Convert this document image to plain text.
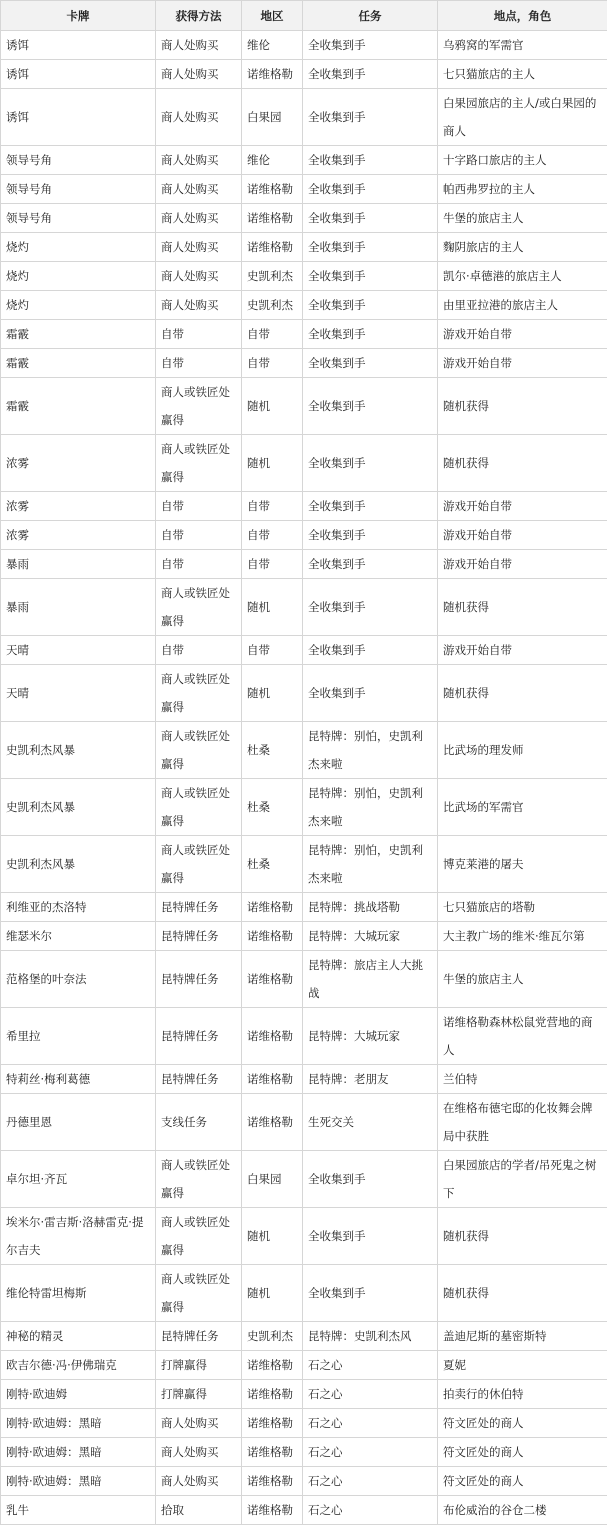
卡牌	获得方法	地区	任务	地点，角色
诱饵	商人处购买	维伦	全收集到手	乌鸦窝的军需官
诱饵	商人处购买	诺维格勒	全收集到手	七只猫旅店的主人
诱饵	商人处购买	白果园	全收集到手	白果园旅店的主人/或白果园的商人
领导号角	商人处购买	维伦	全收集到手	十字路口旅店的主人
领导号角	商人处购买	诺维格勒	全收集到手	帕西弗罗拉的主人
领导号角	商人处购买	诺维格勒	全收集到手	牛堡的旅店主人
烧灼	商人处购买	诺维格勒	全收集到手	麴阴旅店的主人
烧灼	商人处购买	史凯利杰	全收集到手	凯尔·卓德港的旅店主人
烧灼	商人处购买	史凯利杰	全收集到手	由里亚拉港的旅店主人
霜霰	自带	自带	全收集到手	游戏开始自带
霜霰	自带	自带	全收集到手	游戏开始自带
霜霰	商人或铁匠处赢得	随机	全收集到手	随机获得
浓雾	商人或铁匠处赢得	随机	全收集到手	随机获得
浓雾	自带	自带	全收集到手	游戏开始自带
浓雾	自带	自带	全收集到手	游戏开始自带
暴雨	自带	自带	全收集到手	游戏开始自带
暴雨	商人或铁匠处赢得	随机	全收集到手	随机获得
天晴	自带	自带	全收集到手	游戏开始自带
天晴	商人或铁匠处赢得	随机	全收集到手	随机获得
史凯利杰风暴	商人或铁匠处赢得	杜桑	昆特牌：别怕，史凯利杰来啦	比武场的理发师
史凯利杰风暴	商人或铁匠处赢得	杜桑	昆特牌：别怕，史凯利杰来啦	比武场的军需官
史凯利杰风暴	商人或铁匠处赢得	杜桑	昆特牌：别怕，史凯利杰来啦	博克莱港的屠夫
利维亚的杰洛特	昆特牌任务	诺维格勒	昆特牌：挑战塔勒	七只猫旅店的塔勒
维瑟米尔	昆特牌任务	诺维格勒	昆特牌：大城玩家	大主教广场的维米·维瓦尔第
范格堡的叶奈法	昆特牌任务	诺维格勒	昆特牌：旅店主人大挑战	牛堡的旅店主人
希里拉	昆特牌任务	诺维格勒	昆特牌：大城玩家	诺维格勒森林松鼠党营地的商人
特莉丝·梅利葛德	昆特牌任务	诺维格勒	昆特牌：老朋友	兰伯特
丹德里恩	支线任务	诺维格勒	生死交关	在维格布德宅邸的化妆舞会牌局中获胜
卓尔坦·齐瓦	商人或铁匠处赢得	白果园	全收集到手	白果园旅店的学者/吊死鬼之树下
埃米尔·雷吉斯·洛赫雷克·提尔吉夫	商人或铁匠处赢得	随机	全收集到手	随机获得
维伦特雷坦梅斯	商人或铁匠处赢得	随机	全收集到手	随机获得
神秘的精灵	昆特牌任务	史凯利杰	昆特牌：史凯利杰风	盖迪尼斯的墓密斯特
欧吉尔德·冯·伊佛瑞克	打牌赢得	诺维格勒	石之心	夏妮
刚特·欧迪姆	打牌赢得	诺维格勒	石之心	拍卖行的休伯特
刚特·欧迪姆：黑暗	商人处购买	诺维格勒	石之心	符文匠处的商人
刚特·欧迪姆：黑暗	商人处购买	诺维格勒	石之心	符文匠处的商人
刚特·欧迪姆：黑暗	商人处购买	诺维格勒	石之心	符文匠处的商人
乳牛	拾取	诺维格勒	石之心	布伦威治的谷仓二楼
